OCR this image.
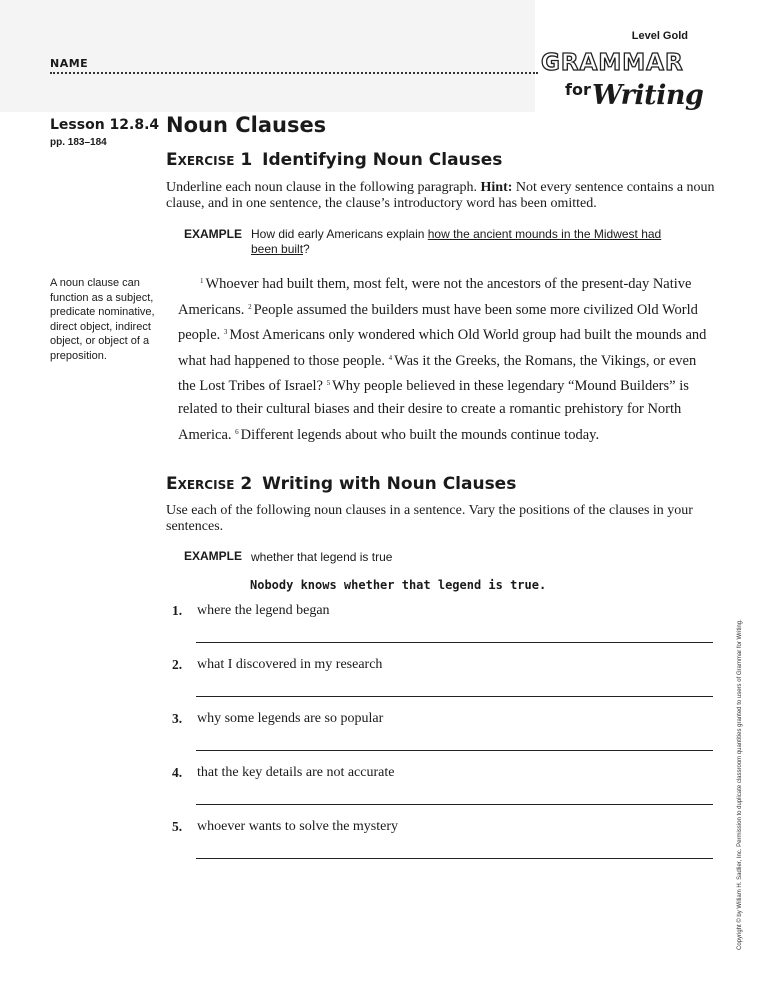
Level Gold
NAME	GRAMMAR
for Writing
Lesson 12.8.4
pp. 183–184
Noun Clauses
Exercise 1 Identifying Noun Clauses
Underline each noun clause in the following paragraph. Hint: Not every sentence contains a noun clause, and in one sentence, the clause’s introductory word has been omitted.
EXAMPLE How did early Americans explain how the ancient mounds in the Midwest had been built?
A noun clause can function as a subject, predicate nominative, direct object, indirect object, or object of a preposition.
$^1$ Whoever had built them, most felt, were not the ancestors of the present-day Native Americans. $^2$ People assumed the builders must have been some more civilized Old World people. $^3$ Most Americans only wondered which Old World group had built the mounds and what had happened to those people. $^4$ Was it the Greeks, the Romans, the Vikings, or even the Lost Tribes of Israel? $^5$ Why people believed in these legendary “Mound Builders” is related to their cultural biases and their desire to create a romantic prehistory for North America. $^6$ Different legends about who built the mounds continue today.
Exercise 2 Writing with Noun Clauses
Use each of the following noun clauses in a sentence. Vary the positions of the clauses in your sentences.
EXAMPLE whether that legend is true
Nobody knows whether that legend is true.
1. where the legend began
2. what I discovered in my research
3. why some legends are so popular
4. that the key details are not accurate
5. whoever wants to solve the mystery	Copyright © by William H. Sadlier, Inc. Permission to duplicate classroom quantities granted to users of Grammar for Writing.
